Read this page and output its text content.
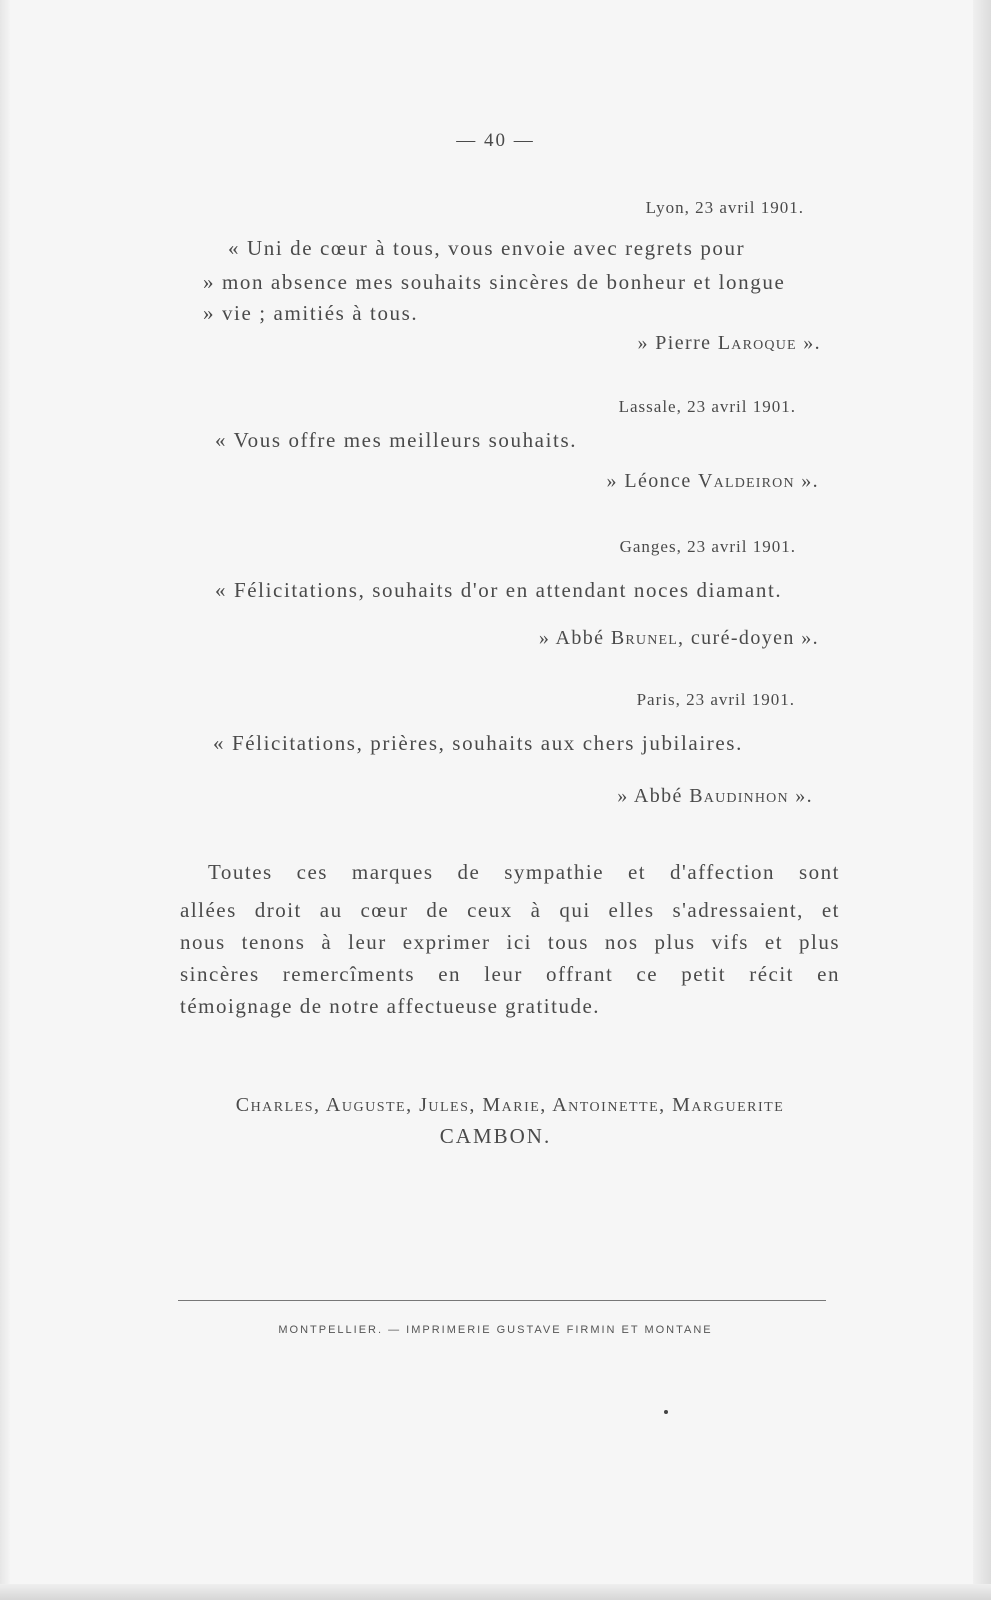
— 40 —
Lyon, 23 avril 1901.
« Uni de cœur à tous, vous envoie avec regrets pour
» mon absence mes souhaits sincères de bonheur et longue
» vie ; amitiés à tous.
» Pierre Laroque ».
Lassale, 23 avril 1901.
« Vous offre mes meilleurs souhaits.
» Léonce Valdeiron ».
Ganges, 23 avril 1901.
« Félicitations, souhaits d'or en attendant noces diamant.
» Abbé Brunel, curé-doyen ».
Paris, 23 avril 1901.
« Félicitations, prières, souhaits aux chers jubilaires.
» Abbé Baudinhon ».
Toutes ces marques de sympathie et d'affection sont
allées droit au cœur de ceux à qui elles s'adressaient, et
nous tenons à leur exprimer ici tous nos plus vifs et plus
sincères remercîments en leur offrant ce petit récit en
témoignage de notre affectueuse gratitude.
Charles, Auguste, Jules, Marie, Antoinette, Marguerite
CAMBON.
MONTPELLIER. — IMPRIMERIE GUSTAVE FIRMIN ET MONTANE
